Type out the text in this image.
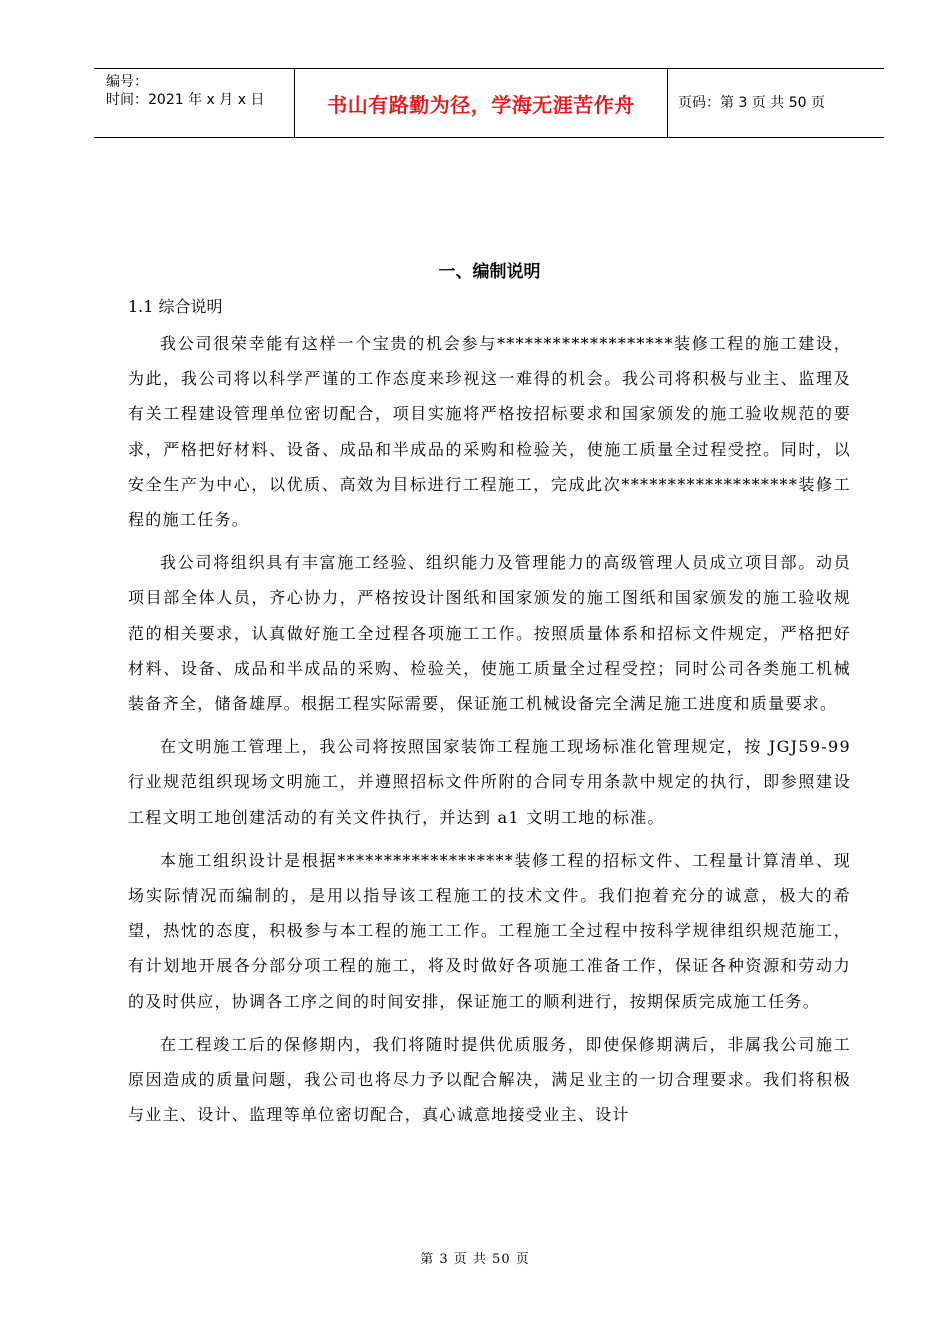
编号：
时间：2021 年 x 月 x 日	书山有路勤为径，学海无涯苦作舟	页码：第 3 页 共 50 页
一、编制说明
1.1 综合说明

我公司很荣幸能有这样一个宝贵的机会参与*******************装修工程的施工建设，为此，我公司将以科学严谨的工作态度来珍视这一难得的机会。我公司将积极与业主、监理及有关工程建设管理单位密切配合，项目实施将严格按招标要求和国家颁发的施工验收规范的要求，严格把好材料、设备、成品和半成品的采购和检验关，使施工质量全过程受控。同时，以安全生产为中心，以优质、高效为目标进行工程施工，完成此次*******************装修工程的施工任务。

我公司将组织具有丰富施工经验、组织能力及管理能力的高级管理人员成立项目部。动员项目部全体人员，齐心协力，严格按设计图纸和国家颁发的施工图纸和国家颁发的施工验收规范的相关要求，认真做好施工全过程各项施工工作。按照质量体系和招标文件规定，严格把好材料、设备、成品和半成品的采购、检验关，使施工质量全过程受控；同时公司各类施工机械装备齐全，储备雄厚。根据工程实际需要，保证施工机械设备完全满足施工进度和质量要求。

在文明施工管理上，我公司将按照国家装饰工程施工现场标准化管理规定，按 JGJ59-99 行业规范组织现场文明施工，并遵照招标文件所附的合同专用条款中规定的执行，即参照建设工程文明工地创建活动的有关文件执行，并达到 a1 文明工地的标准。

本施工组织设计是根据*******************装修工程的招标文件、工程量计算清单、现场实际情况而编制的，是用以指导该工程施工的技术文件。我们抱着充分的诚意，极大的希望，热忱的态度，积极参与本工程的施工工作。工程施工全过程中按科学规律组织规范施工，有计划地开展各分部分项工程的施工，将及时做好各项施工准备工作，保证各种资源和劳动力的及时供应，协调各工序之间的时间安排，保证施工的顺利进行，按期保质完成施工任务。

在工程竣工后的保修期内，我们将随时提供优质服务，即使保修期满后，非属我公司施工原因造成的质量问题，我公司也将尽力予以配合解决，满足业主的一切合理要求。我们将积极与业主、设计、监理等单位密切配合，真心诚意地接受业主、设计

第 3 页 共 50 页
